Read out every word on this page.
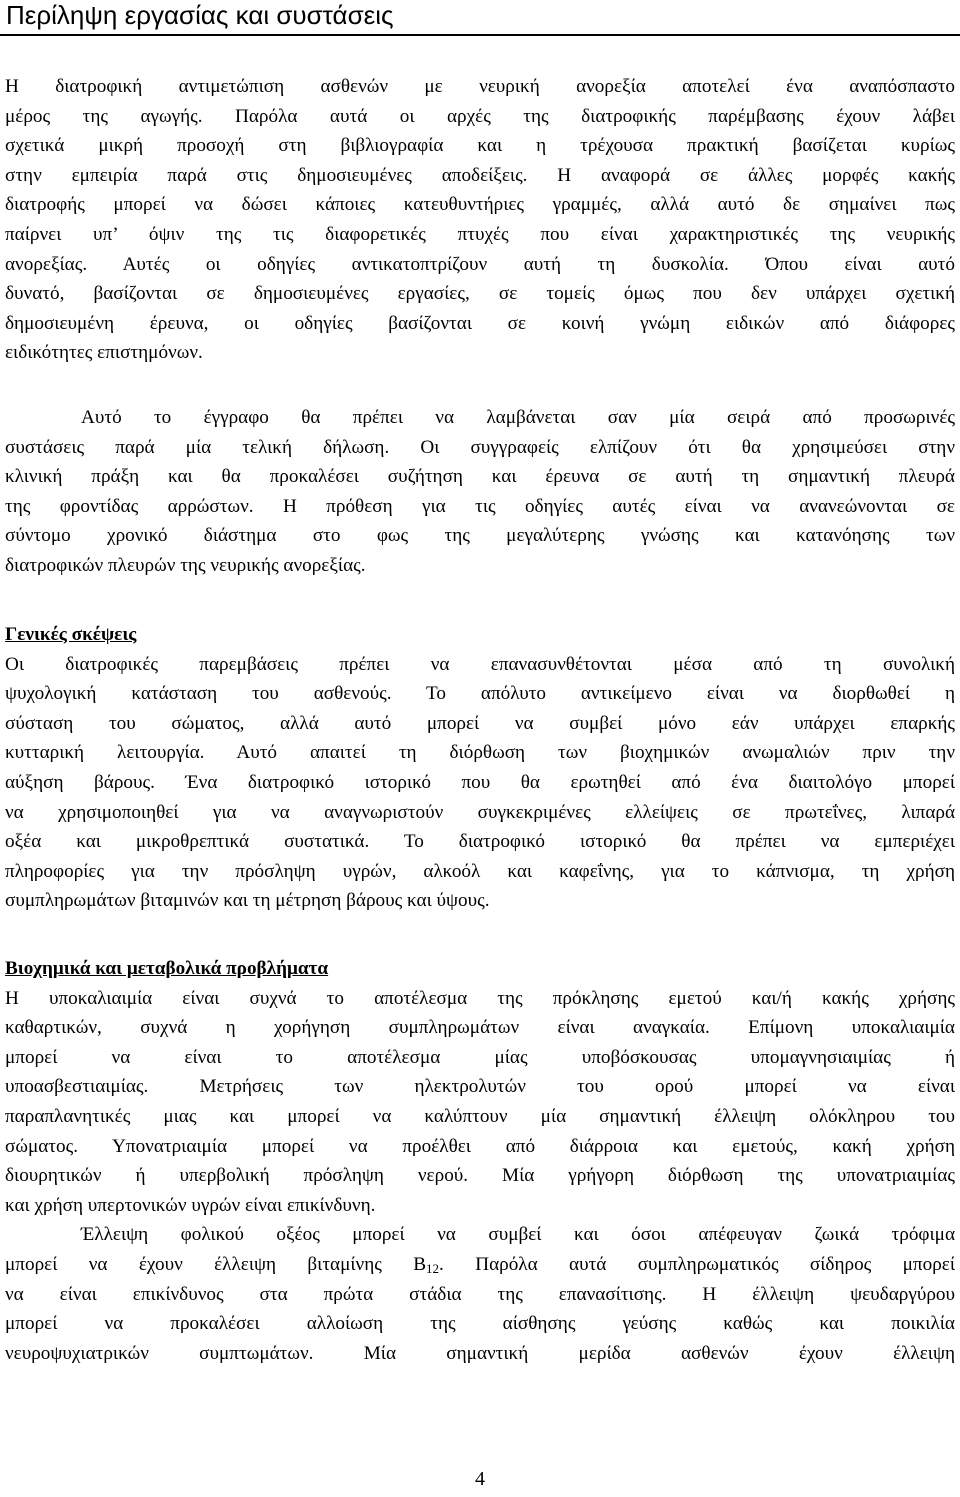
Περίληψη εργασίας και συστάσεις
Η διατροφική αντιμετώπιση ασθενών με νευρική ανορεξία αποτελεί ένα αναπόσπαστο
μέρος της αγωγής. Παρόλα αυτά οι αρχές της διατροφικής παρέμβασης έχουν λάβει
σχετικά μικρή προσοχή στη βιβλιογραφία και η τρέχουσα πρακτική βασίζεται κυρίως
στην εμπειρία παρά στις δημοσιευμένες αποδείξεις. Η αναφορά σε άλλες μορφές κακής
διατροφής μπορεί να δώσει κάποιες κατευθυντήριες γραμμές, αλλά αυτό δε σημαίνει πως
παίρνει υπ’ όψιν της τις διαφορετικές πτυχές που είναι χαρακτηριστικές της νευρικής
ανορεξίας. Αυτές οι οδηγίες αντικατοπτρίζουν αυτή τη δυσκολία. Όπου είναι αυτό
δυνατό, βασίζονται σε δημοσιευμένες εργασίες, σε τομείς όμως που δεν υπάρχει σχετική
δημοσιευμένη έρευνα, οι οδηγίες βασίζονται σε κοινή γνώμη ειδικών από διάφορες
ειδικότητες επιστημόνων.
Αυτό το έγγραφο θα πρέπει να λαμβάνεται σαν μία σειρά από προσωρινές
συστάσεις παρά μία τελική δήλωση. Οι συγγραφείς ελπίζουν ότι θα χρησιμεύσει στην
κλινική πράξη και θα προκαλέσει συζήτηση και έρευνα σε αυτή τη σημαντική πλευρά
της φροντίδας αρρώστων. Η πρόθεση για τις οδηγίες αυτές είναι να ανανεώνονται σε
σύντομο χρονικό διάστημα στο φως της μεγαλύτερης γνώσης και κατανόησης των
διατροφικών πλευρών της νευρικής ανορεξίας.
Γενικές σκέψεις
Οι διατροφικές παρεμβάσεις πρέπει να επανασυνθέτονται μέσα από τη συνολική
ψυχολογική κατάσταση του ασθενούς. Το απόλυτο αντικείμενο είναι να διορθωθεί η
σύσταση του σώματος, αλλά αυτό μπορεί να συμβεί μόνο εάν υπάρχει επαρκής
κυτταρική λειτουργία. Αυτό απαιτεί τη διόρθωση των βιοχημικών ανωμαλιών πριν την
αύξηση βάρους. Ένα διατροφικό ιστορικό που θα ερωτηθεί από ένα διαιτολόγο μπορεί
να χρησιμοποιηθεί για να αναγνωριστούν συγκεκριμένες ελλείψεις σε πρωτεΐνες, λιπαρά
οξέα και μικροθρεπτικά συστατικά. Το διατροφικό ιστορικό θα πρέπει να εμπεριέχει
πληροφορίες για την πρόσληψη υγρών, αλκοόλ και καφεΐνης, για το κάπνισμα, τη χρήση
συμπληρωμάτων βιταμινών και τη μέτρηση βάρους και ύψους.
Βιοχημικά και μεταβολικά προβλήματα
Η υποκαλιαιμία είναι συχνά το αποτέλεσμα της πρόκλησης εμετού και/ή κακής χρήσης
καθαρτικών, συχνά η χορήγηση συμπληρωμάτων είναι αναγκαία. Επίμονη υποκαλιαιμία
μπορεί να είναι το αποτέλεσμα μίας υποβόσκουσας υπομαγνησιαιμίας ή
υποασβεστιαιμίας. Μετρήσεις των ηλεκτρολυτών του ορού μπορεί να είναι
παραπλανητικές μιας και μπορεί να καλύπτουν μία σημαντική έλλειψη ολόκληρου του
σώματος. Υπονατριαιμία μπορεί να προέλθει από διάρροια και εμετούς, κακή χρήση
διουρητικών ή υπερβολική πρόσληψη νερού. Μία γρήγορη διόρθωση της υπονατριαιμίας
και χρήση υπερτονικών υγρών είναι επικίνδυνη.
Έλλειψη φολικού οξέος μπορεί να συμβεί και όσοι απέφευγαν ζωικά τρόφιμα
μπορεί να έχουν έλλειψη βιταμίνης $B_{12}$. Παρόλα αυτά συμπληρωματικός σίδηρος μπορεί
να είναι επικίνδυνος στα πρώτα στάδια της επανασίτισης. Η έλλειψη ψευδαργύρου
μπορεί να προκαλέσει αλλοίωση της αίσθησης γεύσης καθώς και ποικιλία
νευροψυχιατρικών συμπτωμάτων. Μία σημαντική μερίδα ασθενών έχουν έλλειψη
4
